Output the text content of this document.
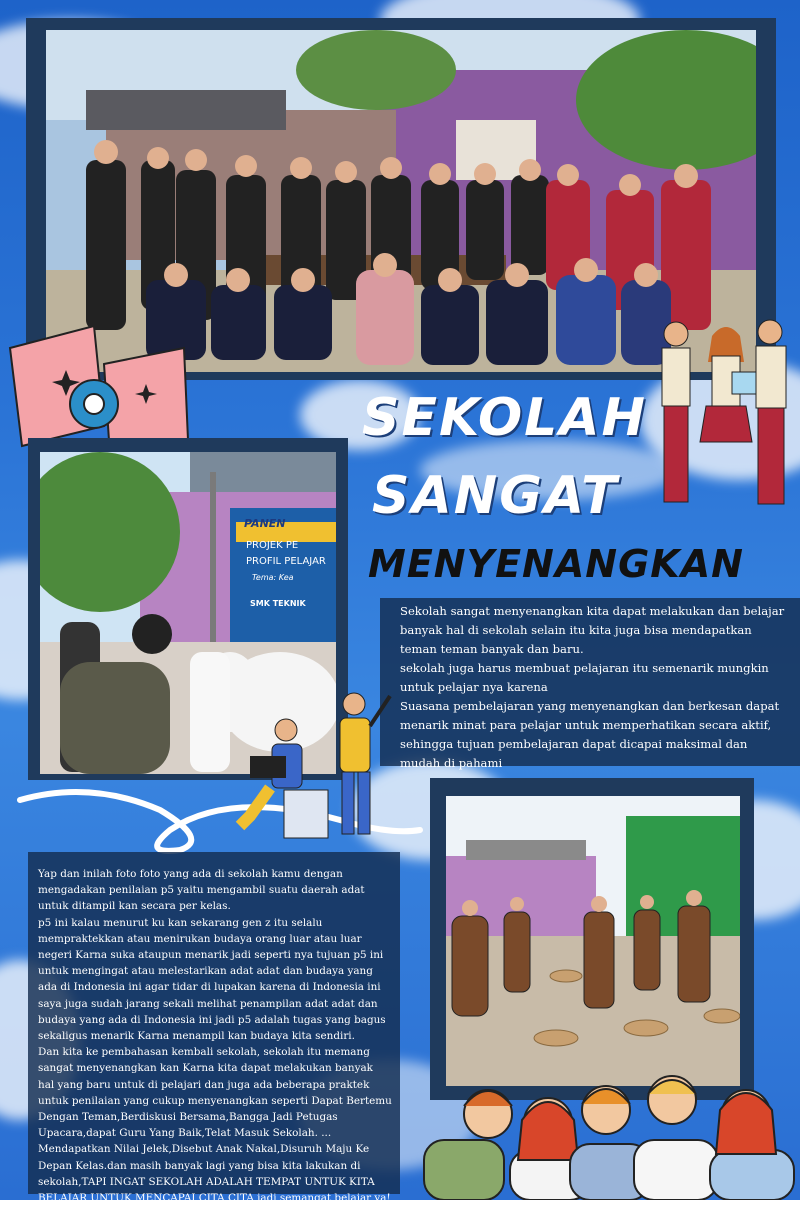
SEKOLAH
SANGAT
MENYENANGKAN
PANEN
PROJEK PE
PROFIL PELAJAR
Tema: Kea
SMK TEKNIK

Sekolah sangat menyenangkan kita dapat melakukan dan belajar banyak hal di sekolah selain itu kita juga bisa mendapatkan teman teman banyak dan baru.

sekolah juga harus membuat pelajaran itu semenarik mungkin untuk pelajar nya karena

Suasana pembelajaran yang menyenangkan dan berkesan dapat menarik minat para pelajar untuk memperhatikan secara aktif, sehingga tujuan pembelajaran dapat dicapai maksimal dan mudah di pahami

Yap dan inilah foto foto yang ada di sekolah kamu dengan mengadakan penilaian p5 yaitu mengambil suatu daerah adat untuk ditampil kan secara per kelas.

p5 ini kalau menurut ku kan sekarang gen z itu selalu mempraktekkan atau menirukan budaya orang luar atau luar negeri Karna suka ataupun menarik jadi seperti nya tujuan p5 ini untuk mengingat atau melestarikan adat adat dan budaya yang ada di Indonesia ini agar tidar di lupakan karena di Indonesia ini saya juga sudah jarang sekali melihat penampilan adat adat dan budaya yang ada di Indonesia ini jadi p5 adalah tugas yang bagus sekaligus menarik Karna menampil kan budaya kita sendiri.

Dan kita ke pembahasan kembali sekolah, sekolah itu memang sangat menyenangkan kan Karna kita dapat melakukan banyak hal yang baru untuk di pelajari dan juga ada beberapa praktek untuk penilaian yang cukup menyenangkan seperti Dapat Bertemu Dengan Teman,Berdiskusi Bersama,Bangga Jadi Petugas Upacara,dapat Guru Yang Baik,Telat Masuk Sekolah. ...

Mendapatkan Nilai Jelek,Disebut Anak Nakal,Disuruh Maju Ke Depan Kelas.dan masih banyak lagi yang bisa kita lakukan di sekolah,TAPI INGAT SEKOLAH ADALAH TEMPAT UNTUK KITA BELAJAR UNTUK MENCAPAI CITA CITA jadi semangat belajar ya!
